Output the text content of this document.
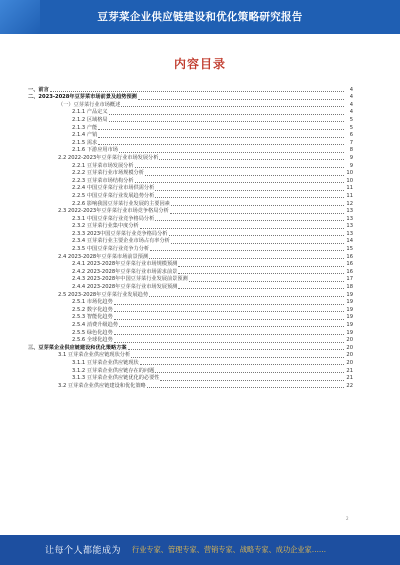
豆芽菜企业供应链建设和优化策略研究报告
内容目录
一、前言	4
二、2023-2028年豆芽菜市场前景及趋势预测	4
（一）豆芽菜行业市场概述	4
2.1.1 产品定义	4
2.1.2 区域格局	5
2.1.3 产能	5
2.1.4 产销	6
2.1.5 需求	7
2.1.6 下游应用市场	8
2.2 2022-2023年豆芽菜行业市场发展分析	9
2.2.1 豆芽菜市场发展分析	9
2.2.2 豆芽菜行业市场规模分析	10
2.2.3 豆芽菜市场结构分析	10
2.2.4 中国豆芽菜行业市场供需分析	11
2.2.5 中国豆芽菜行业发展趋势分析	11
2.2.6 影响我国豆芽菜行业发展的主要因素	12
2.3 2022-2023年豆芽菜行业市场竞争格局分析	13
2.3.1 中国豆芽菜行业竞争格局分析	13
2.3.2 豆芽菜行业集中度分析	13
2.3.3 2023中国豆芽菜行业竞争格局分析	13
2.3.4 豆芽菜行业主要企业市场占有率分析	14
2.3.5 中国豆芽菜行业竞争力分析	15
2.4 2023-2028年豆芽菜市场前景预测	16
2.4.1 2023-2028年豆芽菜行业市场规模预测	16
2.4.2 2023-2028年豆芽菜行业市场需求前景	16
2.4.3 2023-2028年中国豆芽菜行业发展前景预测	17
2.4.4 2023-2028年豆芽菜行业市场发展预测	18
2.5 2023-2028年豆芽菜行业发展趋势	19
2.5.1 市场化趋势	19
2.5.2 数字化趋势	19
2.5.3 智能化趋势	19
2.5.4 消费升级趋势	19
2.5.5 绿色化趋势	19
2.5.6 全球化趋势	20
三、豆芽菜企业供应链建设和优化策略方案	20
3.1 豆芽菜企业供应链现状分析	20
3.1.1 豆芽菜企业供应链现状	20
3.1.2 豆芽菜企业供应链存在的问题	21
3.1.3 豆芽菜企业供应链优化的必要性	21
3.2 豆芽菜企业供应链建设和优化策略	22
2
让每个人都能成为 行业专家、管理专家、营销专家、战略专家、成功企业家……
